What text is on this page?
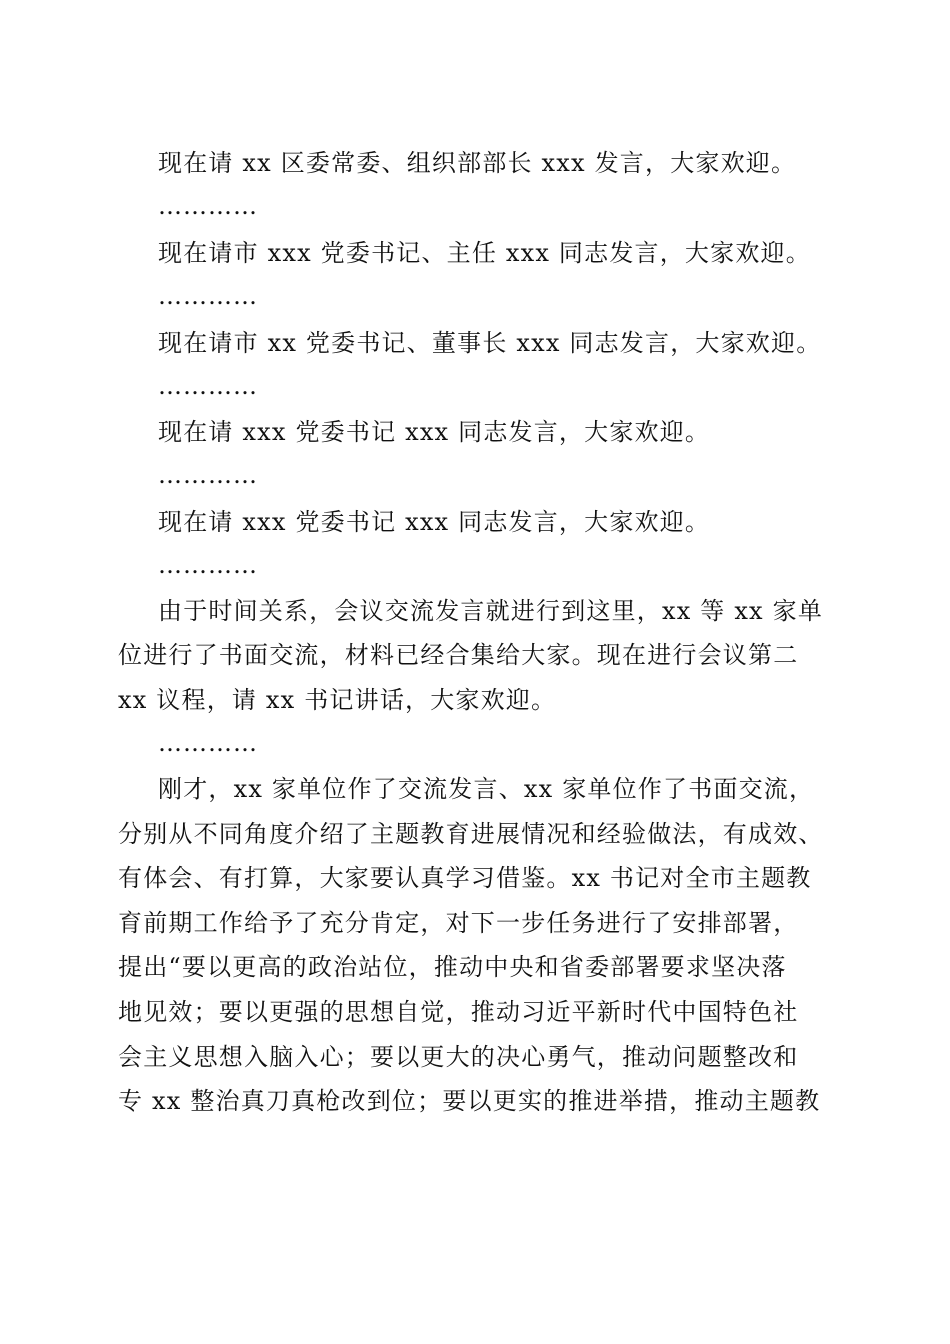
现在请 xx 区委常委、组织部部长 xxx 发言，大家欢迎。
…………
现在请市 xxx 党委书记、主任 xxx 同志发言，大家欢迎。
…………
现在请市 xx 党委书记、董事长 xxx 同志发言，大家欢迎。
…………
现在请 xxx 党委书记 xxx 同志发言，大家欢迎。
…………
现在请 xxx 党委书记 xxx 同志发言，大家欢迎。
…………
由于时间关系，会议交流发言就进行到这里，xx 等 xx 家单
位进行了书面交流，材料已经合集给大家。现在进行会议第二
xx 议程，请 xx 书记讲话，大家欢迎。
…………
刚才，xx 家单位作了交流发言、xx 家单位作了书面交流，
分别从不同角度介绍了主题教育进展情况和经验做法，有成效、
有体会、有打算，大家要认真学习借鉴。xx 书记对全市主题教
育前期工作给予了充分肯定，对下一步任务进行了安排部署，
提出“要以更高的政治站位，推动中央和省委部署要求坚决落
地见效；要以更强的思想自觉，推动习近平新时代中国特色社
会主义思想入脑入心；要以更大的决心勇气，推动问题整改和
专 xx 整治真刀真枪改到位；要以更实的推进举措，推动主题教
